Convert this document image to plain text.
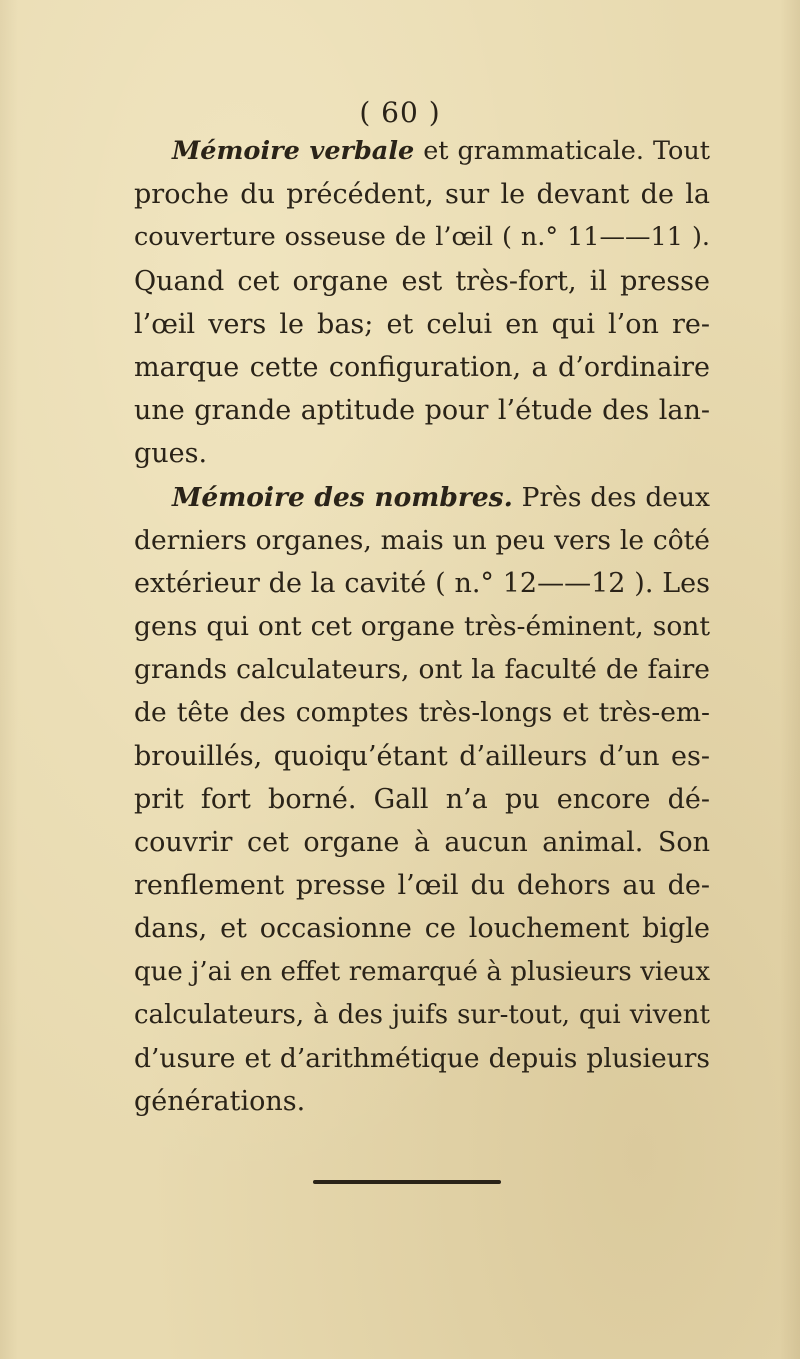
( 60 )
Mémoire verbale et grammaticale. Tout
proche du précédent, sur le devant de la
couverture osseuse de l’œil ( n.° 11——11 ).
Quand cet organe est très-fort, il presse
l’œil vers le bas; et celui en qui l’on re-
marque cette configuration, a d’ordinaire
une grande aptitude pour l’étude des lan-
gues.
Mémoire des nombres. Près des deux
derniers organes, mais un peu vers le côté
extérieur de la cavité ( n.° 12——12 ). Les
gens qui ont cet organe très-éminent, sont
grands calculateurs, ont la faculté de faire
de tête des comptes très-longs et très-em-
brouillés, quoiqu’étant d’ailleurs d’un es-
prit fort borné. Gall n’a pu encore dé-
couvrir cet organe à aucun animal. Son
renflement presse l’œil du dehors au de-
dans, et occasionne ce louchement bigle
que j’ai en effet remarqué à plusieurs vieux
calculateurs, à des juifs sur-tout, qui vivent
d’usure et d’arithmétique depuis plusieurs
générations.
